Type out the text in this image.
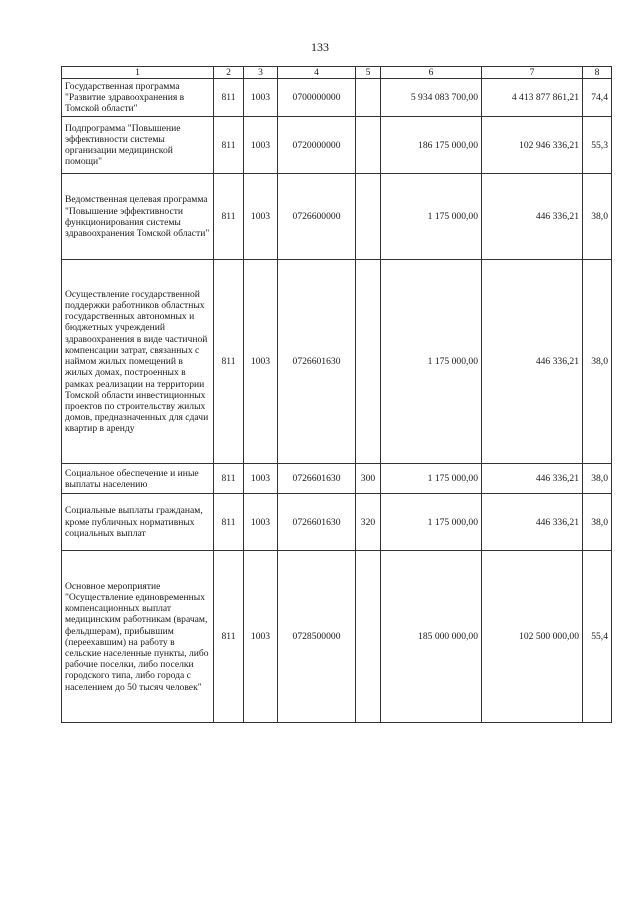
133
1	2	3	4	5	6	7	8
Государственная программа "Развитие здравоохранения в Томской области"	811	1003	0700000000		5 934 083 700,00	4 413 877 861,21	74,4
Подпрограмма "Повышение эффективности системы организации медицинской помощи"	811	1003	0720000000		186 175 000,00	102 946 336,21	55,3
Ведомственная целевая программа "Повышение эффективности функционирования системы здравоохранения Томской области"	811	1003	0726600000		1 175 000,00	446 336,21	38,0
Осуществление государственной поддержки работников областных государственных автономных и бюджетных учреждений здравоохранения в виде частичной компенсации затрат, связанных с наймом жилых помещений в жилых домах, построенных в рамках реализации на территории Томской области инвестиционных проектов по строительству жилых домов, предназначенных для сдачи квартир в аренду	811	1003	0726601630		1 175 000,00	446 336,21	38,0
Социальное обеспечение и иные выплаты населению	811	1003	0726601630	300	1 175 000,00	446 336,21	38,0
Социальные выплаты гражданам, кроме публичных нормативных социальных выплат	811	1003	0726601630	320	1 175 000,00	446 336,21	38,0
Основное мероприятие "Осуществление единовременных компенсационных выплат медицинским работникам (врачам, фельдшерам), прибывшим (переехавшим) на работу в сельские населенные пункты, либо рабочие поселки, либо поселки городского типа, либо города с населением до 50 тысяч человек"	811	1003	0728500000		185 000 000,00	102 500 000,00	55,4
